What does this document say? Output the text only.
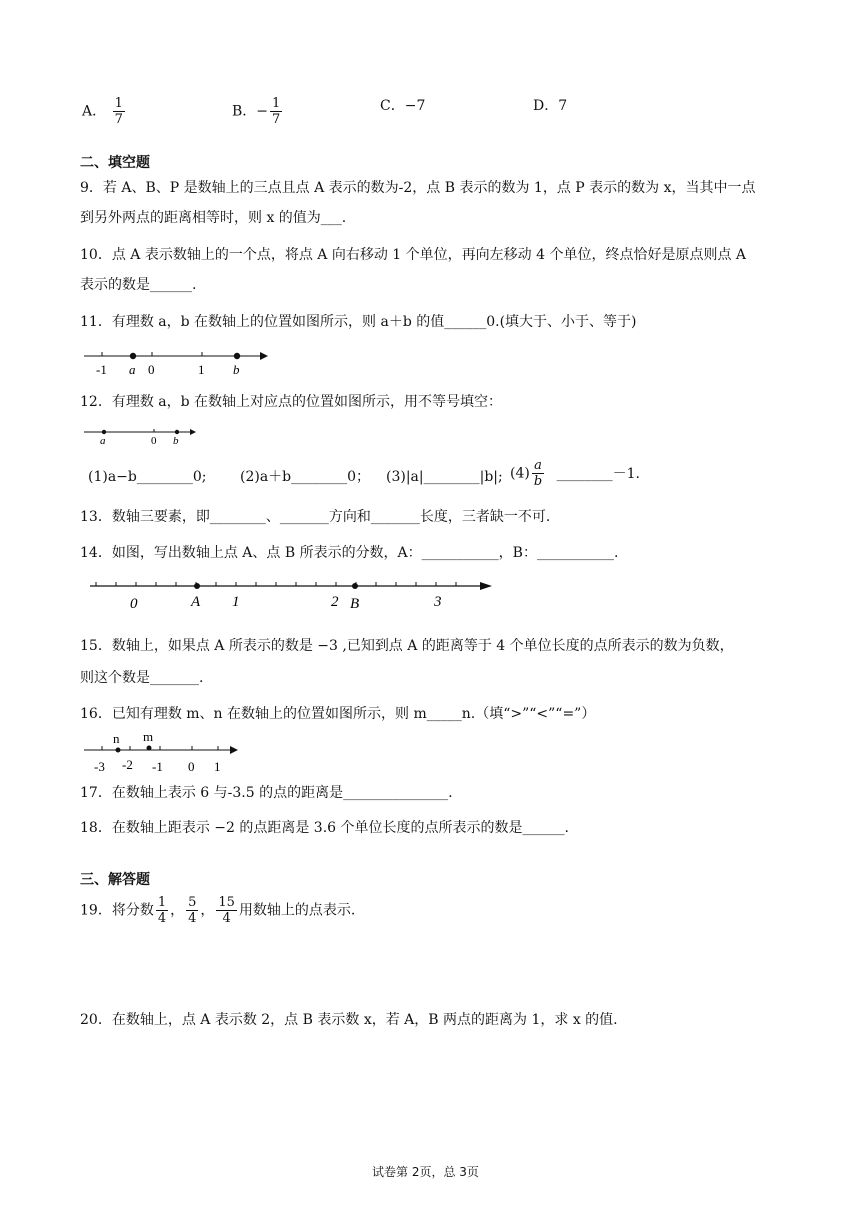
A． $\frac{1}{7}$	B．− $\frac{1}{7}$	C．−7	D．7
二、填空题
9．若 A、B、P 是数轴上的三点且点 A 表示的数为-2，点 B 表示的数为 1，点 P 表示的数为 x，当其中一点
到另外两点的距离相等时，则 x 的值为___.
10．点 A 表示数轴上的一个点，将点 A 向右移动 1 个单位，再向左移动 4 个单位，终点恰好是原点则点 A
表示的数是______.
11．有理数 a，b 在数轴上的位置如图所示，则 a＋b 的值______0.(填大于、小于、等于)
-1 a 0	1 b
12．有理数 a，b 在数轴上对应点的位置如图所示，用不等号填空：
a	0 b
(1)a−b________0; (2)a＋b________0； (3)|a|________|b|; $(4) \frac{a}{b}$ ________－1.
13．数轴三要素，即________、_______方向和_______长度，三者缺一不可.
14．如图，写出数轴上点 A、点 B 所表示的分数，A：___________，B：___________.
0	A 1	2 B	3
15．数轴上，如果点 A 所表示的数是 −3 ,已知到点 A 的距离等于 4 个单位长度的点所表示的数为负数，
则这个数是_______.
16．已知有理数 m、n 在数轴上的位置如图所示，则 m_____n.（填“>”“<”“=”）
n m
-3 -2 -1 0 1
17．在数轴上表示 6 与-3.5 的点的距离是_______________.
18．在数轴上距表示 −2 的点距离是 3.6 个单位长度的点所表示的数是______.
三、解答题
19．将分数 $\frac{1}{4}$ ， $\frac{5}{4}$ ， $\frac{15}{4}$ 用数轴上的点表示.
20．在数轴上，点 A 表示数 2，点 B 表示数 x，若 A，B 两点的距离为 1，求 x 的值.
试卷第 2页，总 3页
